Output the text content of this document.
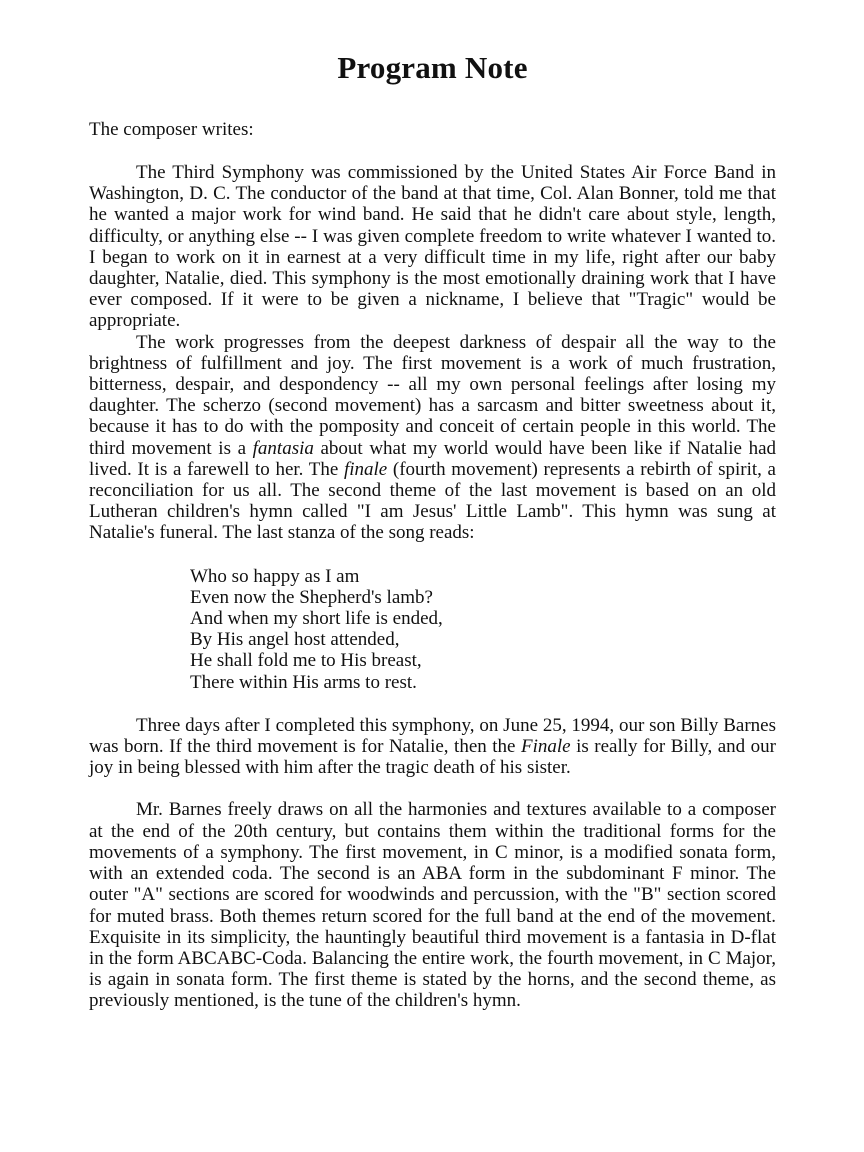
Program Note

The composer writes:

The Third Symphony was commissioned by the United States Air Force Band in Washington, D. C. The conductor of the band at that time, Col. Alan Bonner, told me that he wanted a major work for wind band. He said that he didn't care about style, length, difficulty, or anything else -- I was given complete freedom to write whatever I wanted to. I began to work on it in earnest at a very difficult time in my life, right after our baby daughter, Natalie, died. This symphony is the most emotionally draining work that I have ever composed. If it were to be given a nickname, I believe that "Tragic" would be appropriate.

The work progresses from the deepest darkness of despair all the way to the brightness of fulfillment and joy. The first movement is a work of much frustration, bitterness, despair, and despondency -- all my own personal feelings after losing my daughter. The scherzo (second movement) has a sarcasm and bitter sweetness about it, because it has to do with the pomposity and conceit of certain people in this world. The third movement is a fantasia about what my world would have been like if Natalie had lived. It is a farewell to her. The finale (fourth movement) represents a rebirth of spirit, a reconciliation for us all. The second theme of the last movement is based on an old Lutheran children's hymn called "I am Jesus' Little Lamb". This hymn was sung at Natalie's funeral. The last stanza of the song reads:

Who so happy as I am
Even now the Shepherd's lamb?
And when my short life is ended,
By His angel host attended,
He shall fold me to His breast,
There within His arms to rest.

Three days after I completed this symphony, on June 25, 1994, our son Billy Barnes was born. If the third movement is for Natalie, then the Finale is really for Billy, and our joy in being blessed with him after the tragic death of his sister.

Mr. Barnes freely draws on all the harmonies and textures available to a composer at the end of the 20th century, but contains them within the traditional forms for the movements of a symphony. The first movement, in C minor, is a modified sonata form, with an extended coda. The second is an ABA form in the subdominant F minor. The outer "A" sections are scored for woodwinds and percussion, with the "B" section scored for muted brass. Both themes return scored for the full band at the end of the movement. Exquisite in its simplicity, the hauntingly beautiful third movement is a fantasia in D-flat in the form ABCABC-Coda. Balancing the entire work, the fourth movement, in C Major, is again in sonata form. The first theme is stated by the horns, and the second theme, as previously mentioned, is the tune of the children's hymn.
